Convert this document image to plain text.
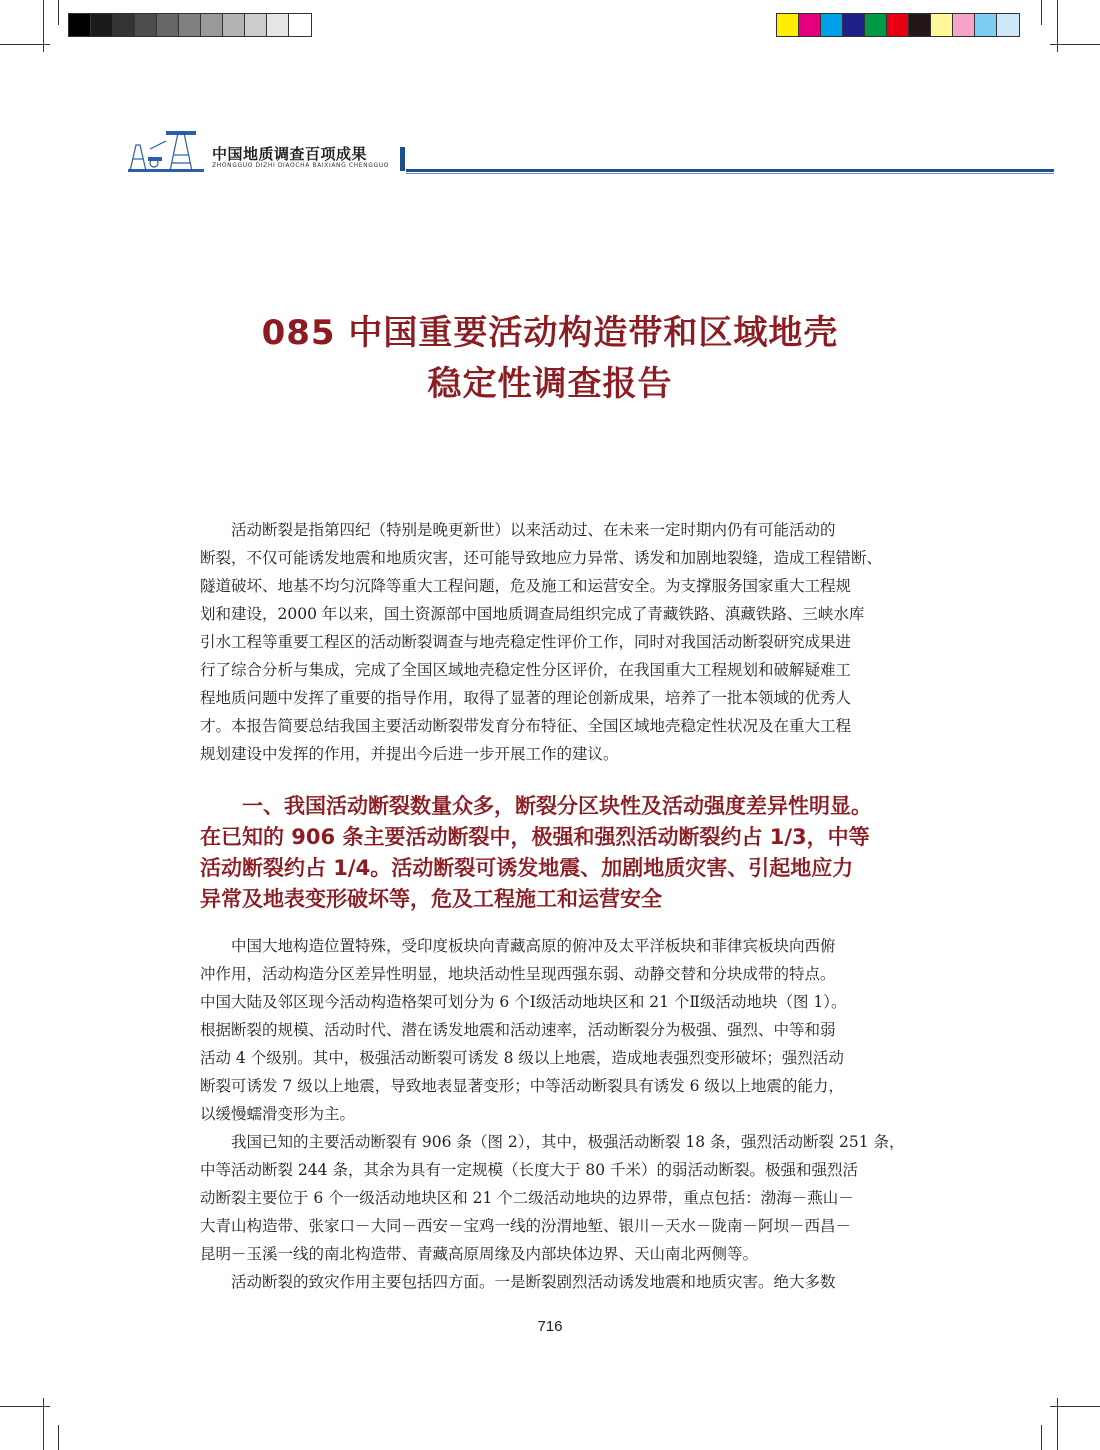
中国地质调查百项成果
ZHONGGUO DIZHI DIAOCHA BAIXIANG CHENGGUO
085 中国重要活动构造带和区域地壳
稳定性调查报告
　　活动断裂是指第四纪（特别是晚更新世）以来活动过、在未来一定时期内仍有可能活动的
断裂，不仅可能诱发地震和地质灾害，还可能导致地应力异常、诱发和加剧地裂缝，造成工程错断、
隧道破坏、地基不均匀沉降等重大工程问题，危及施工和运营安全。为支撑服务国家重大工程规
划和建设，2000 年以来，国土资源部中国地质调查局组织完成了青藏铁路、滇藏铁路、三峡水库
引水工程等重要工程区的活动断裂调查与地壳稳定性评价工作，同时对我国活动断裂研究成果进
行了综合分析与集成，完成了全国区域地壳稳定性分区评价，在我国重大工程规划和破解疑难工
程地质问题中发挥了重要的指导作用，取得了显著的理论创新成果，培养了一批本领域的优秀人
才。本报告简要总结我国主要活动断裂带发育分布特征、全国区域地壳稳定性状况及在重大工程
规划建设中发挥的作用，并提出今后进一步开展工作的建议。
　　一、我国活动断裂数量众多，断裂分区块性及活动强度差异性明显。
在已知的 906 条主要活动断裂中，极强和强烈活动断裂约占 1/3，中等
活动断裂约占 1/4。活动断裂可诱发地震、加剧地质灾害、引起地应力
异常及地表变形破坏等，危及工程施工和运营安全
　　中国大地构造位置特殊，受印度板块向青藏高原的俯冲及太平洋板块和菲律宾板块向西俯
冲作用，活动构造分区差异性明显，地块活动性呈现西强东弱、动静交替和分块成带的特点。
中国大陆及邻区现今活动构造格架可划分为 6 个Ⅰ级活动地块区和 21 个Ⅱ级活动地块（图 1）。
根据断裂的规模、活动时代、潜在诱发地震和活动速率，活动断裂分为极强、强烈、中等和弱
活动 4 个级别。其中，极强活动断裂可诱发 8 级以上地震，造成地表强烈变形破坏；强烈活动
断裂可诱发 7 级以上地震，导致地表显著变形；中等活动断裂具有诱发 6 级以上地震的能力，
以缓慢蠕滑变形为主。
　　我国已知的主要活动断裂有 906 条（图 2），其中，极强活动断裂 18 条，强烈活动断裂 251 条，
中等活动断裂 244 条，其余为具有一定规模（长度大于 80 千米）的弱活动断裂。极强和强烈活
动断裂主要位于 6 个一级活动地块区和 21 个二级活动地块的边界带，重点包括：渤海－燕山－
大青山构造带、张家口－大同－西安－宝鸡一线的汾渭地堑、银川－天水－陇南－阿坝－西昌－
昆明－玉溪一线的南北构造带、青藏高原周缘及内部块体边界、天山南北两侧等。
　　活动断裂的致灾作用主要包括四方面。一是断裂剧烈活动诱发地震和地质灾害。绝大多数
716
